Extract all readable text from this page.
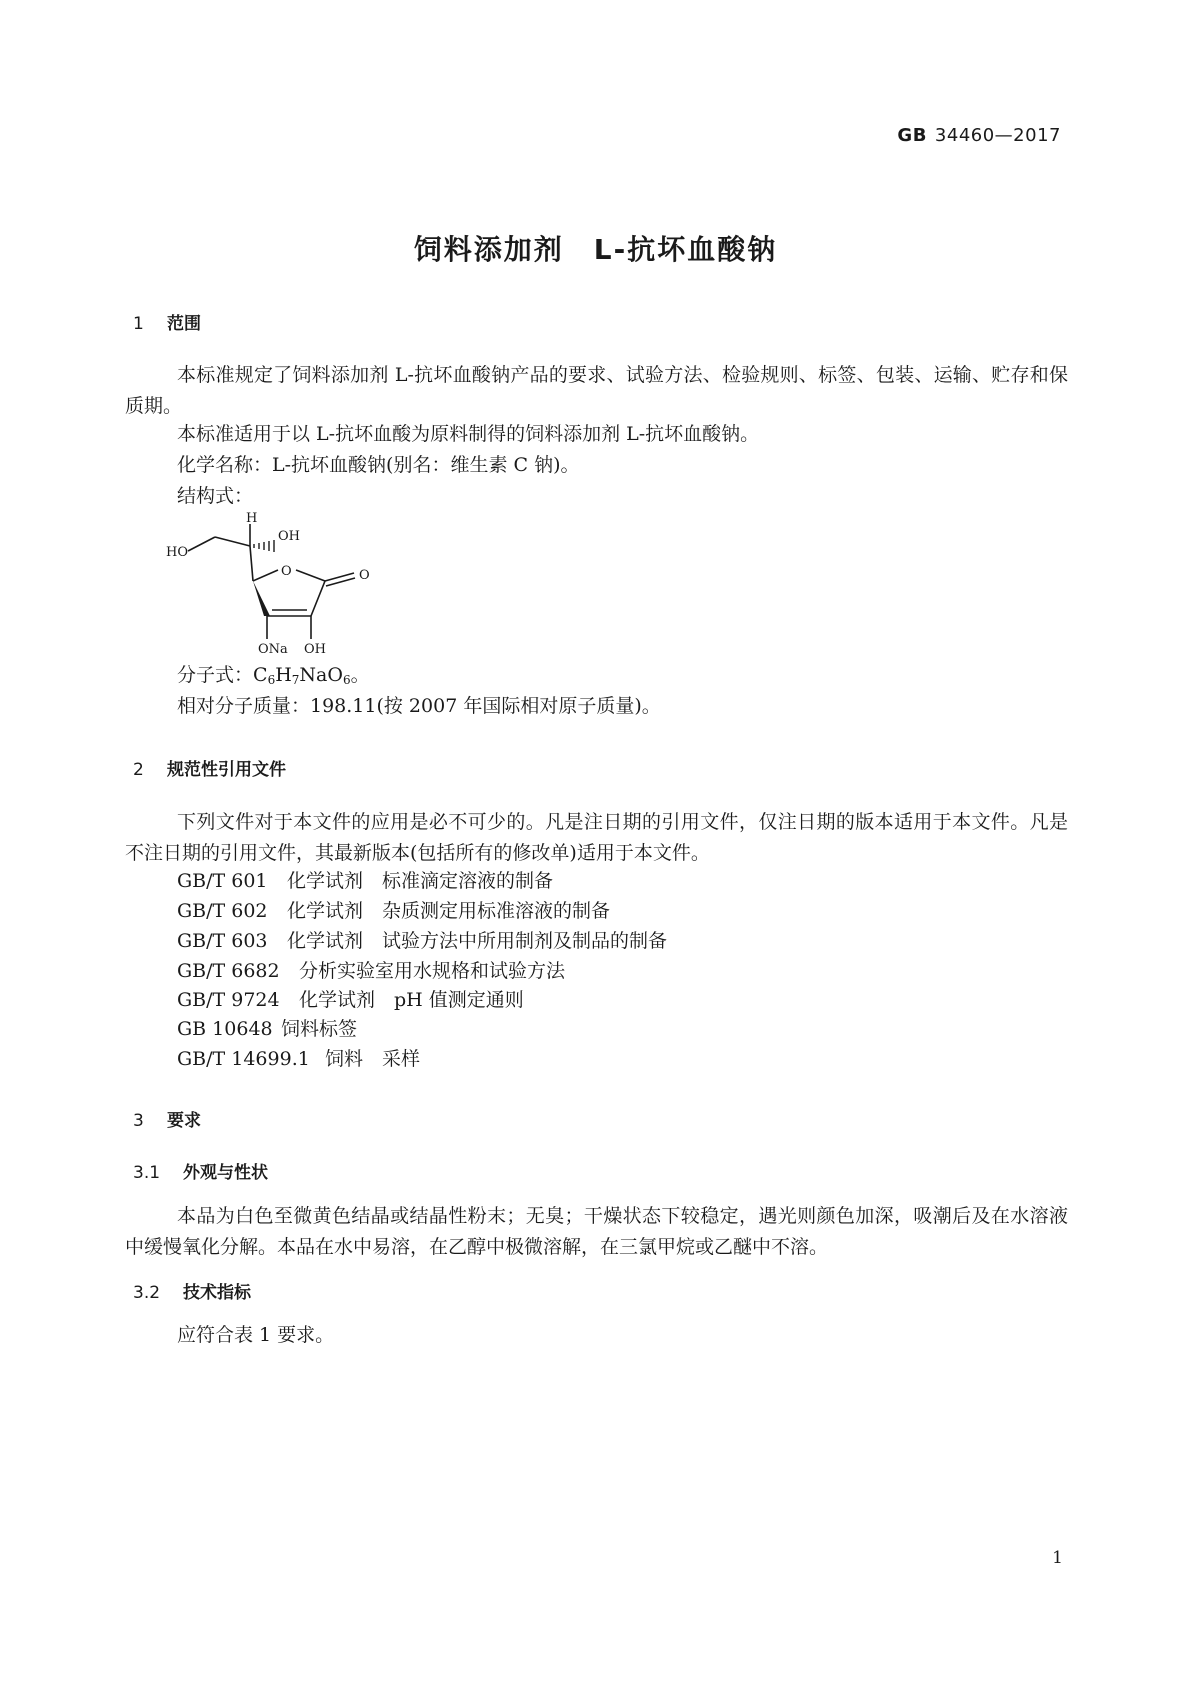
GB 34460—2017
饲料添加剂　L-抗坏血酸钠
1 范围
本标准规定了饲料添加剂 L-抗坏血酸钠产品的要求、试验方法、检验规则、标签、包装、运输、贮存和保质期。
本标准适用于以 L-抗坏血酸为原料制得的饲料添加剂 L-抗坏血酸钠。
化学名称：L-抗坏血酸钠(别名：维生素 C 钠)。
结构式：
H
OH
HO
O	O
ONa OH
分子式：$C_6H_7NaO_6$。
相对分子质量：198.11(按 2007 年国际相对原子质量)。
2 规范性引用文件
下列文件对于本文件的应用是必不可少的。凡是注日期的引用文件，仅注日期的版本适用于本文件。凡是不注日期的引用文件，其最新版本(包括所有的修改单)适用于本文件。
GB/T 601 化学试剂　标准滴定溶液的制备
GB/T 602 化学试剂　杂质测定用标准溶液的制备
GB/T 603 化学试剂　试验方法中所用制剂及制品的制备
GB/T 6682 分析实验室用水规格和试验方法
GB/T 9724 化学试剂　pH 值测定通则
GB 10648 饲料标签
GB/T 14699.1 饲料　采样
3 要求
3.1 外观与性状
本品为白色至微黄色结晶或结晶性粉末；无臭；干燥状态下较稳定，遇光则颜色加深，吸潮后及在水溶液中缓慢氧化分解。本品在水中易溶，在乙醇中极微溶解，在三氯甲烷或乙醚中不溶。
3.2 技术指标
应符合表 1 要求。
1
